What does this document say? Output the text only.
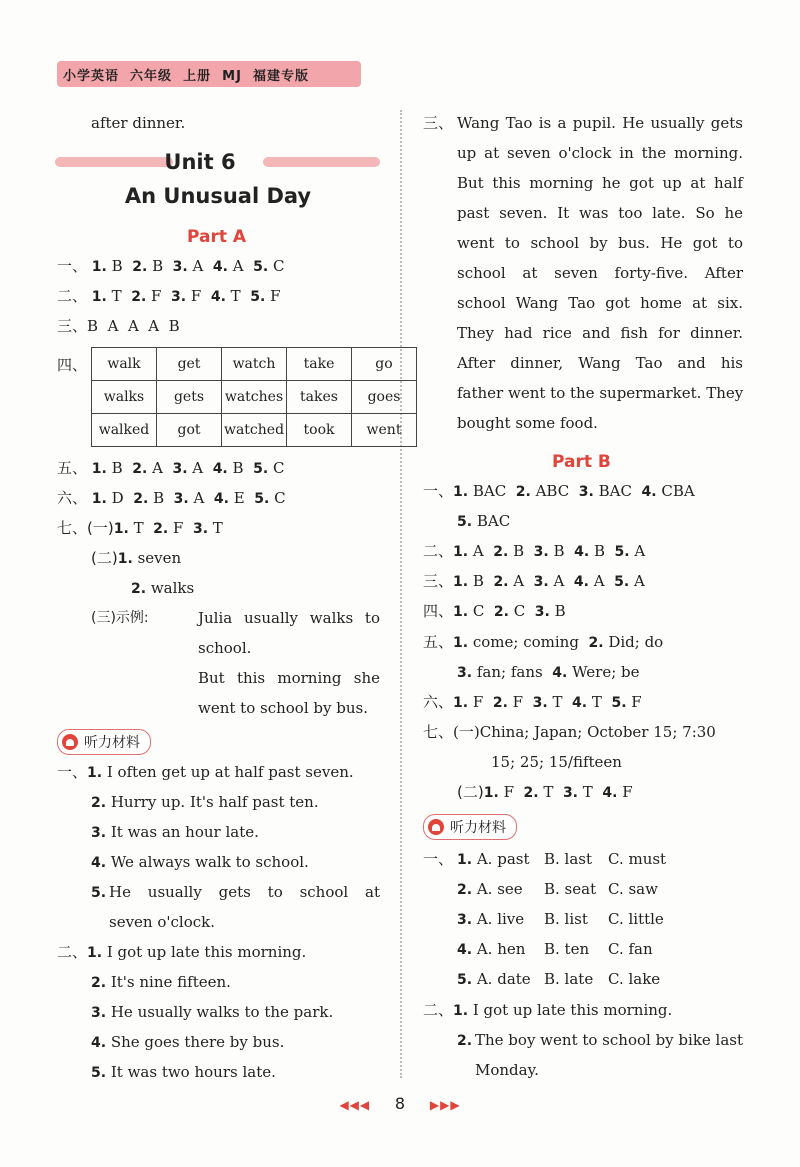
小学英语  六年级  上册  MJ  福建专版
after dinner.
Unit 6
An Unusual Day
Part A
一、 1. B 2. B 3. A 4. A 5. C
二、 1. T 2. F 3. F 4. T 5. F
三、B  A  A  A  B
四、 walk	get	watch	take	go
walks	gets	watches	takes	goes
walked	got	watched	took	went
五、 1. B 2. A 3. A 4. B 5. C
六、 1. D 2. B 3. A 4. E 5. C
七、(一)1. T 2. F 3. T
(二)1. seven
2. walks
(三)示例:	Julia usually walks to
school.
But this morning she
went to school by bus.
听力材料
一、1. I often get up at half past seven.
2. Hurry up. It's half past ten.
3. It was an hour late.
4. We always walk to school.
5. He usually gets to school at
seven o'clock.
二、1. I got up late this morning.
2. It's nine fifteen.
3. He usually walks to the park.
4. She goes there by bus.
5. It was two hours late.
三、 Wang Tao is a pupil. He usually gets
up at seven o'clock in the morning.
But this morning he got up at half
past seven. It was too late. So he
went to school by bus. He got to
school at seven forty-five. After
school Wang Tao got home at six.
They had rice and fish for dinner.
After dinner, Wang Tao and his
father went to the supermarket. They
bought some food.
Part B
一、1. BAC 2. ABC 3. BAC 4. CBA
5. BAC
二、1. A 2. B 3. B 4. B 5. A
三、1. B 2. A 3. A 4. A 5. A
四、1. C 2. C 3. B
五、1. come; coming 2. Did; do
3. fan; fans 4. Were; be
六、1. F 2. F 3. T 4. T 5. F
七、(一)China; Japan; October 15; 7:30
15; 25; 15/fifteen
(二)1. F 2. T 3. T 4. F
听力材料
一、 1. A. past B. last C. must
2. A. see B. seat C. saw
3. A. live B. list C. little
4. A. hen B. ten C. fan
5. A. date B. late C. lake
二、1. I got up late this morning.
2. The boy went to school by bike last
Monday.
◀◀◀ 8 ▶▶▶
